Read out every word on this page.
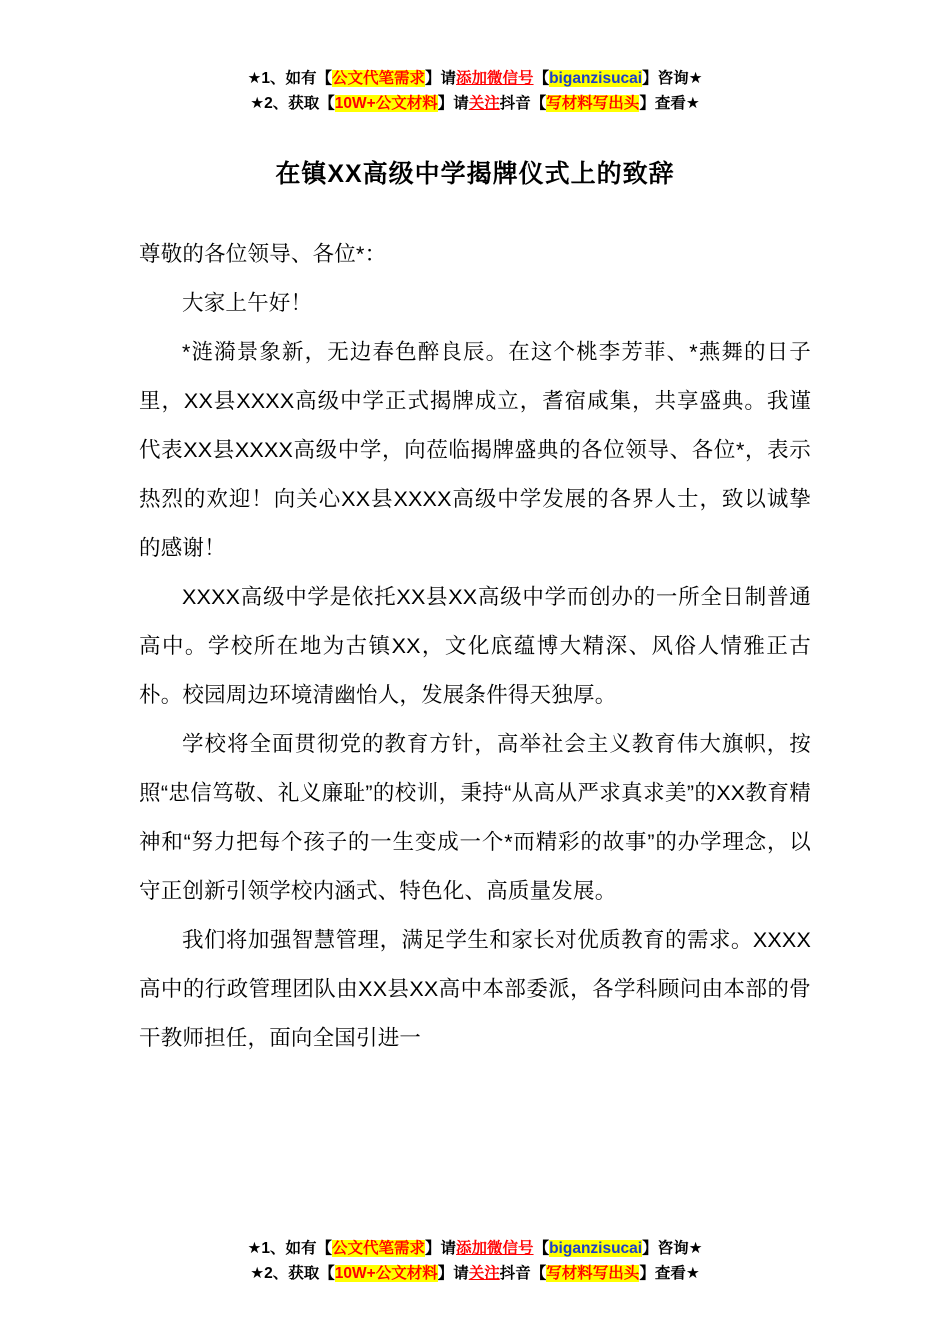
★1、如有【公文代笔需求】请添加微信号【biganzisucai】咨询★
★2、获取【10W+公文材料】请关注抖音【写材料写出头】查看★
在镇XX高级中学揭牌仪式上的致辞

尊敬的各位领导、各位*：

大家上午好！

*涟漪景象新，无边春色醉良辰。在这个桃李芳菲、*燕舞的日子里，XX县XXXX高级中学正式揭牌成立，耆宿咸集，共享盛典。我谨代表XX县XXXX高级中学，向莅临揭牌盛典的各位领导、各位*，表示热烈的欢迎！向关心XX县XXXX高级中学发展的各界人士，致以诚挚的感谢！

XXXX高级中学是依托XX县XX高级中学而创办的一所全日制普通高中。学校所在地为古镇XX，文化底蕴博大精深、风俗人情雅正古朴。校园周边环境清幽怡人，发展条件得天独厚。

学校将全面贯彻党的教育方针，高举社会主义教育伟大旗帜，按照“忠信笃敬、礼义廉耻”的校训，秉持“从高从严求真求美”的XX教育精神和“努力把每个孩子的一生变成一个*而精彩的故事”的办学理念，以守正创新引领学校内涵式、特色化、高质量发展。

我们将加强智慧管理，满足学生和家长对优质教育的需求。XXXX高中的行政管理团队由XX县XX高中本部委派，各学科顾问由本部的骨干教师担任，面向全国引进一

★1、如有【公文代笔需求】请添加微信号【biganzisucai】咨询★
★2、获取【10W+公文材料】请关注抖音【写材料写出头】查看★
